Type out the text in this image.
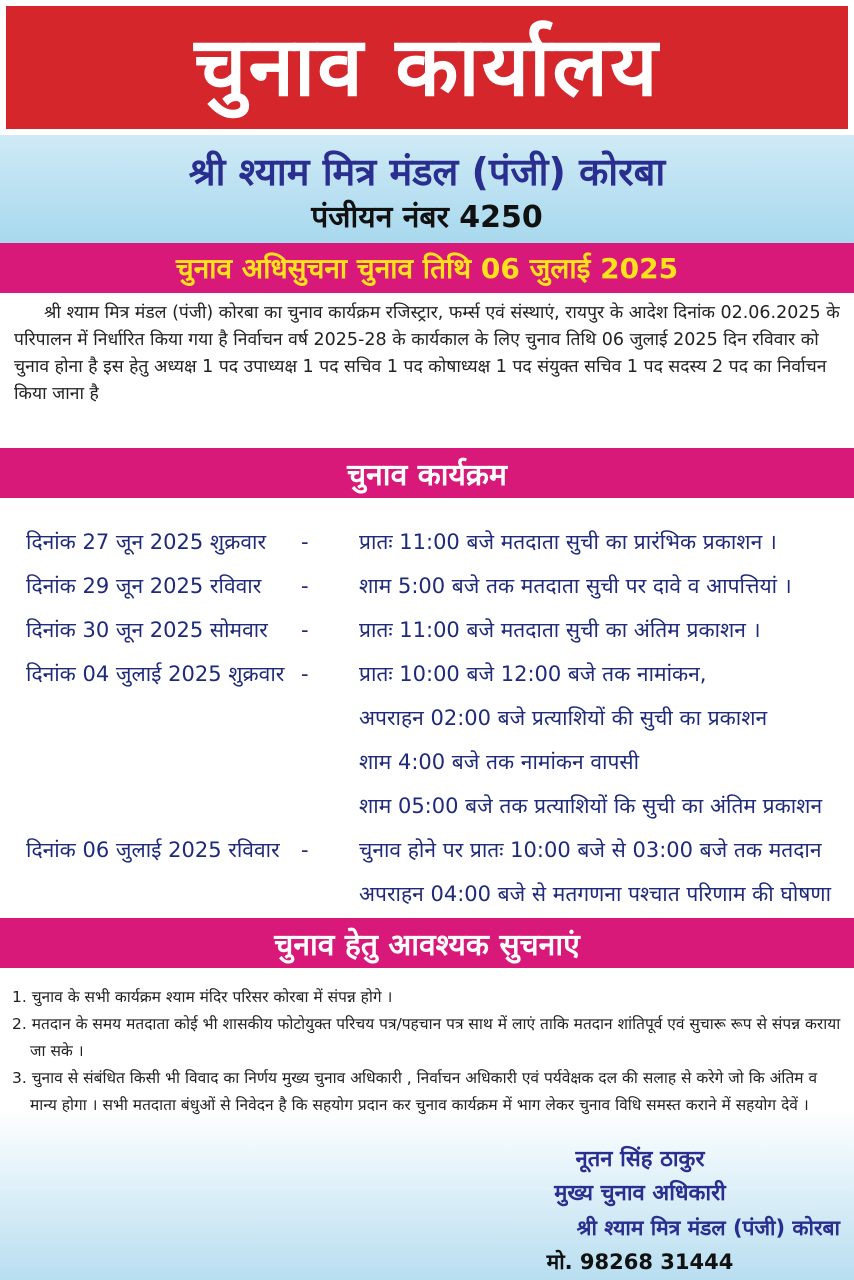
चुनाव कार्यालय
श्री श्याम मित्र मंडल (पंजी) कोरबा
पंजीयन नंबर 4250
चुनाव अधिसुचना चुनाव तिथि 06 जुलाई 2025

श्री श्याम मित्र मंडल (पंजी) कोरबा का चुनाव कार्यक्रम रजिस्ट्रार, फर्म्स एवं संस्थाएं, रायपुर के आदेश दिनांक 02.06.2025 के परिपालन में निर्धारित किया गया है निर्वाचन वर्ष 2025-28 के कार्यकाल के लिए चुनाव तिथि 06 जुलाई 2025 दिन रविवार को चुनाव होना है इस हेतु अध्यक्ष 1 पद उपाध्यक्ष 1 पद सचिव 1 पद कोषाध्यक्ष 1 पद संयुक्त सचिव 1 पद सदस्य 2 पद का निर्वाचन किया जाना है

चुनाव कार्यक्रम
दिनांक 27 जून 2025 शुक्रवार	-	प्रातः 11:00 बजे मतदाता सुची का प्रारंभिक प्रकाशन ।
दिनांक 29 जून 2025 रविवार	-	शाम 5:00 बजे तक मतदाता सुची पर दावे व आपत्तियां ।
दिनांक 30 जून 2025 सोमवार	-	प्रातः 11:00 बजे मतदाता सुची का अंतिम प्रकाशन ।
दिनांक 04 जुलाई 2025 शुक्रवार -	प्रातः 10:00 बजे 12:00 बजे तक नामांकन,
अपराहन 02:00 बजे प्रत्याशियों की सुची का प्रकाशन
शाम 4:00 बजे तक नामांकन वापसी
शाम 05:00 बजे तक प्रत्याशियों कि सुची का अंतिम प्रकाशन
दिनांक 06 जुलाई 2025 रविवार	-	चुनाव होने पर प्रातः 10:00 बजे से 03:00 बजे तक मतदान
अपराहन 04:00 बजे से मतगणना पश्चात परिणाम की घोषणा
चुनाव हेतु आवश्यक सुचनाएं
1. चुनाव के सभी कार्यक्रम श्याम मंदिर परिसर कोरबा में संपन्न होगे ।
2. मतदान के समय मतदाता कोई भी शासकीय फोटोयुक्त परिचय पत्र/पहचान पत्र साथ में लाएं ताकि मतदान शांतिपूर्व एवं सुचारू रूप से संपन्न कराया जा सके ।
3. चुनाव से संबंधित किसी भी विवाद का निर्णय मुख्य चुनाव अधिकारी , निर्वाचन अधिकारी एवं पर्यवेक्षक दल की सलाह से करेगे जो कि अंतिम व मान्य होगा । सभी मतदाता बंधुओं से निवेदन है कि सहयोग प्रदान कर चुनाव कार्यक्रम में भाग लेकर चुनाव विधि समस्त कराने में सहयोग देवें ।
नूतन सिंह ठाकुर
मुख्य चुनाव अधिकारी
श्री श्याम मित्र मंडल (पंजी) कोरबा
मो. 98268 31444
